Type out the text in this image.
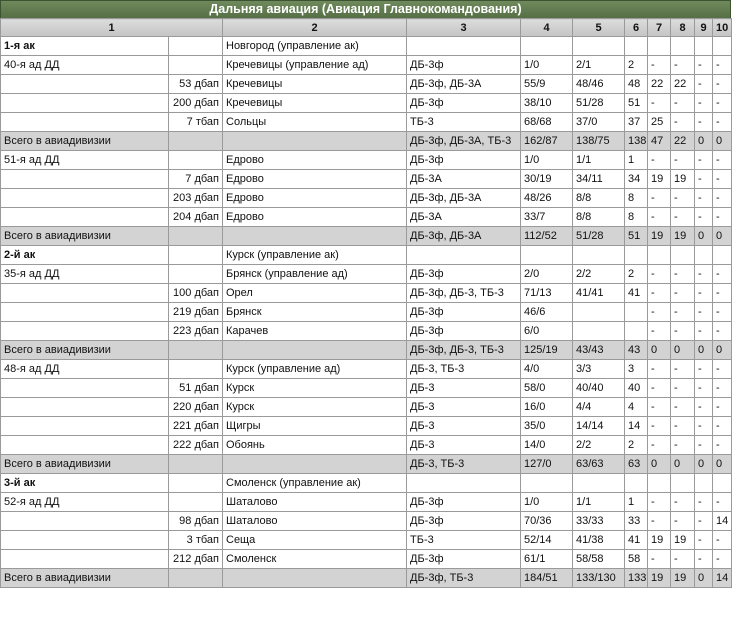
Дальняя авиация (Авиация Главнокомандования)
1		2	3	4	5	6	7	8	9	10
1-я ак		Новгород (управление ак)								
40-я ад ДД		Кречевицы (управление ад)	ДБ-3ф	1/0	2/1	2	-	-	-	-
	53 дбап	Кречевицы	ДБ-3ф, ДБ-3А	55/9	48/46	48	22	22	-	-
	200 дбап	Кречевицы	ДБ-3ф	38/10	51/28	51	-	-	-	-
	7 тбап	Сольцы	ТБ-3	68/68	37/0	37	25	-	-	-
Всего в авиадивизии			ДБ-3ф, ДБ-3А, ТБ-3	162/87	138/75	138	47	22	0	0
51-я ад ДД		Едрово	ДБ-3ф	1/0	1/1	1	-	-	-	-
	7 дбап	Едрово	ДБ-3А	30/19	34/11	34	19	19	-	-
	203 дбап	Едрово	ДБ-3ф, ДБ-3А	48/26	8/8	8	-	-	-	-
	204 дбап	Едрово	ДБ-3А	33/7	8/8	8	-	-	-	-
Всего в авиадивизии			ДБ-3ф, ДБ-3А	112/52	51/28	51	19	19	0	0
2-й ак		Курск (управление ак)								
35-я ад ДД		Брянск (управление ад)	ДБ-3ф	2/0	2/2	2	-	-	-	-
	100 дбап	Орел	ДБ-3ф, ДБ-3, ТБ-3	71/13	41/41	41	-	-	-	-
	219 дбап	Брянск	ДБ-3ф	46/6			-	-	-	-
	223 дбап	Карачев	ДБ-3ф	6/0			-	-	-	-
Всего в авиадивизии			ДБ-3ф, ДБ-3, ТБ-3	125/19	43/43	43	0	0	0	0
48-я ад ДД		Курск (управление ад)	ДБ-3, ТБ-3	4/0	3/3	3	-	-	-	-
	51 дбап	Курск	ДБ-3	58/0	40/40	40	-	-	-	-
	220 дбап	Курск	ДБ-3	16/0	4/4	4	-	-	-	-
	221 дбап	Щигры	ДБ-3	35/0	14/14	14	-	-	-	-
	222 дбап	Обоянь	ДБ-3	14/0	2/2	2	-	-	-	-
Всего в авиадивизии			ДБ-3, ТБ-3	127/0	63/63	63	0	0	0	0
3-й ак		Смоленск (управление ак)								
52-я ад ДД		Шаталово	ДБ-3ф	1/0	1/1	1	-	-	-	-
	98 дбап	Шаталово	ДБ-3ф	70/36	33/33	33	-	-	-	14
	3 тбап	Сеща	ТБ-3	52/14	41/38	41	19	19	-	-
	212 дбап	Смоленск	ДБ-3ф	61/1	58/58	58	-	-	-	-
Всего в авиадивизии			ДБ-3ф, ТБ-3	184/51	133/130	133	19	19	0	14
